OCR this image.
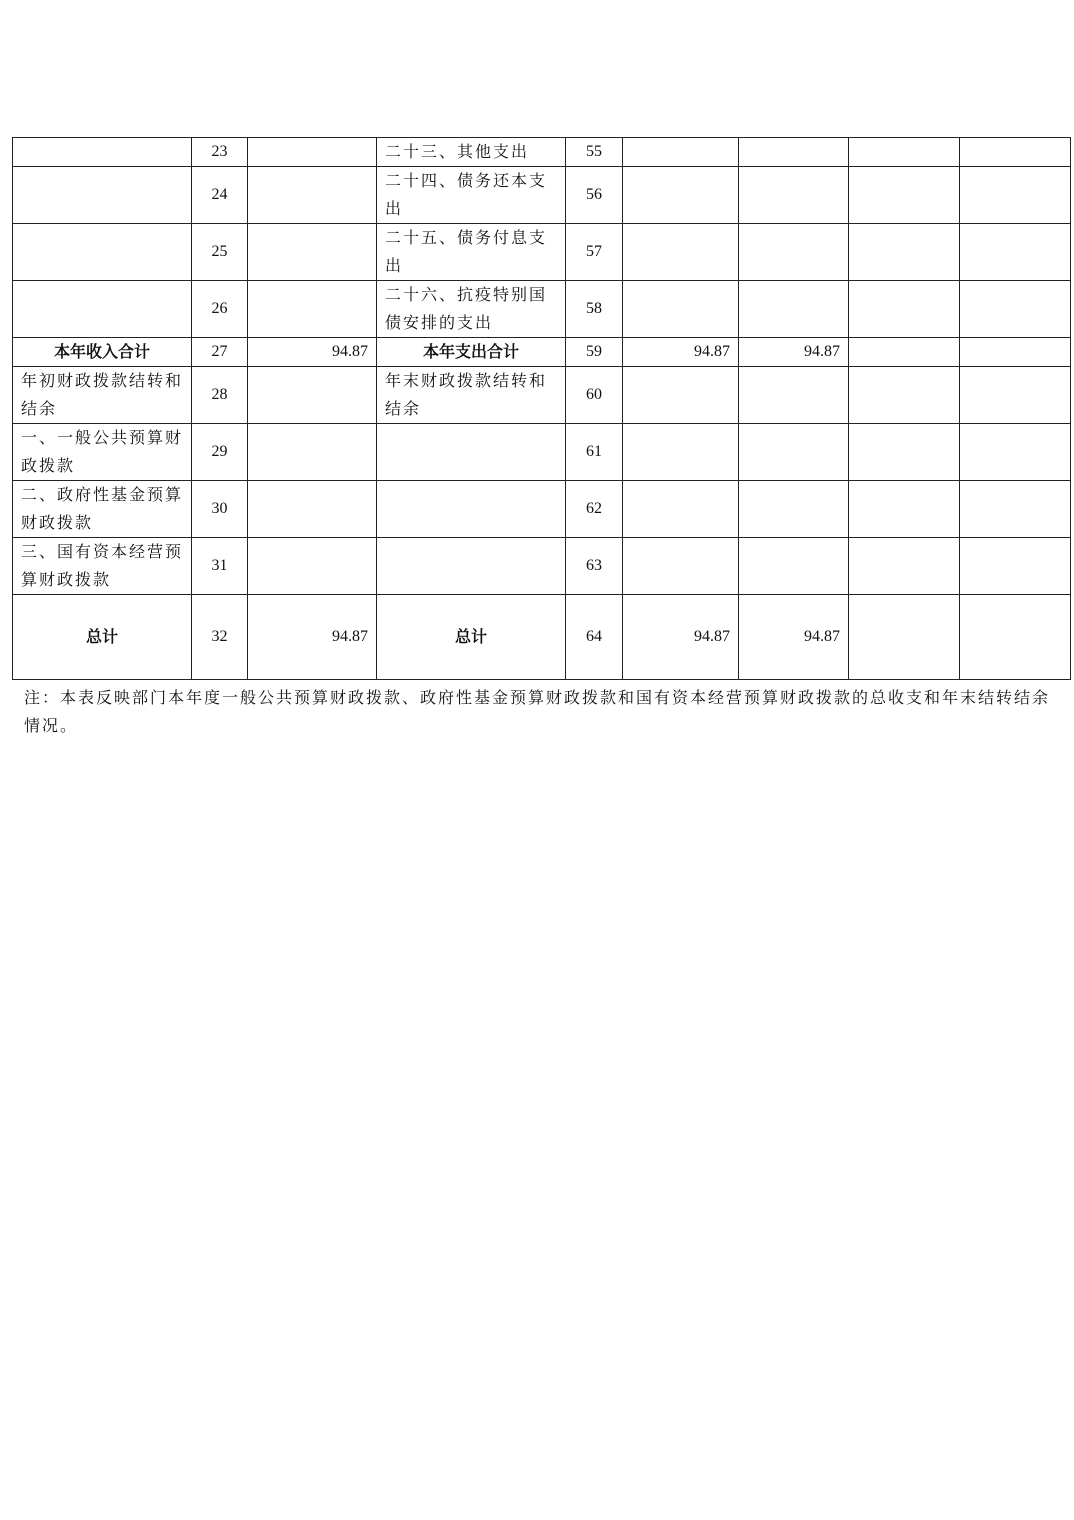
	23		二十三、其他支出	55				
	24		二十四、债务还本支出	56				
	25		二十五、债务付息支出	57				
	26		二十六、抗疫特别国债安排的支出	58				
本年收入合计	27	94.87	本年支出合计	59	94.87	94.87		
年初财政拨款结转和结余	28		年末财政拨款结转和结余	60				
一、一般公共预算财政拨款	29			61				
二、政府性基金预算财政拨款	30			62				
三、国有资本经营预算财政拨款	31			63				
总计	32	94.87	总计	64	94.87	94.87		
注：本表反映部门本年度一般公共预算财政拨款、政府性基金预算财政拨款和国有资本经营预算财政拨款的总收支和年末结转结余情况。
